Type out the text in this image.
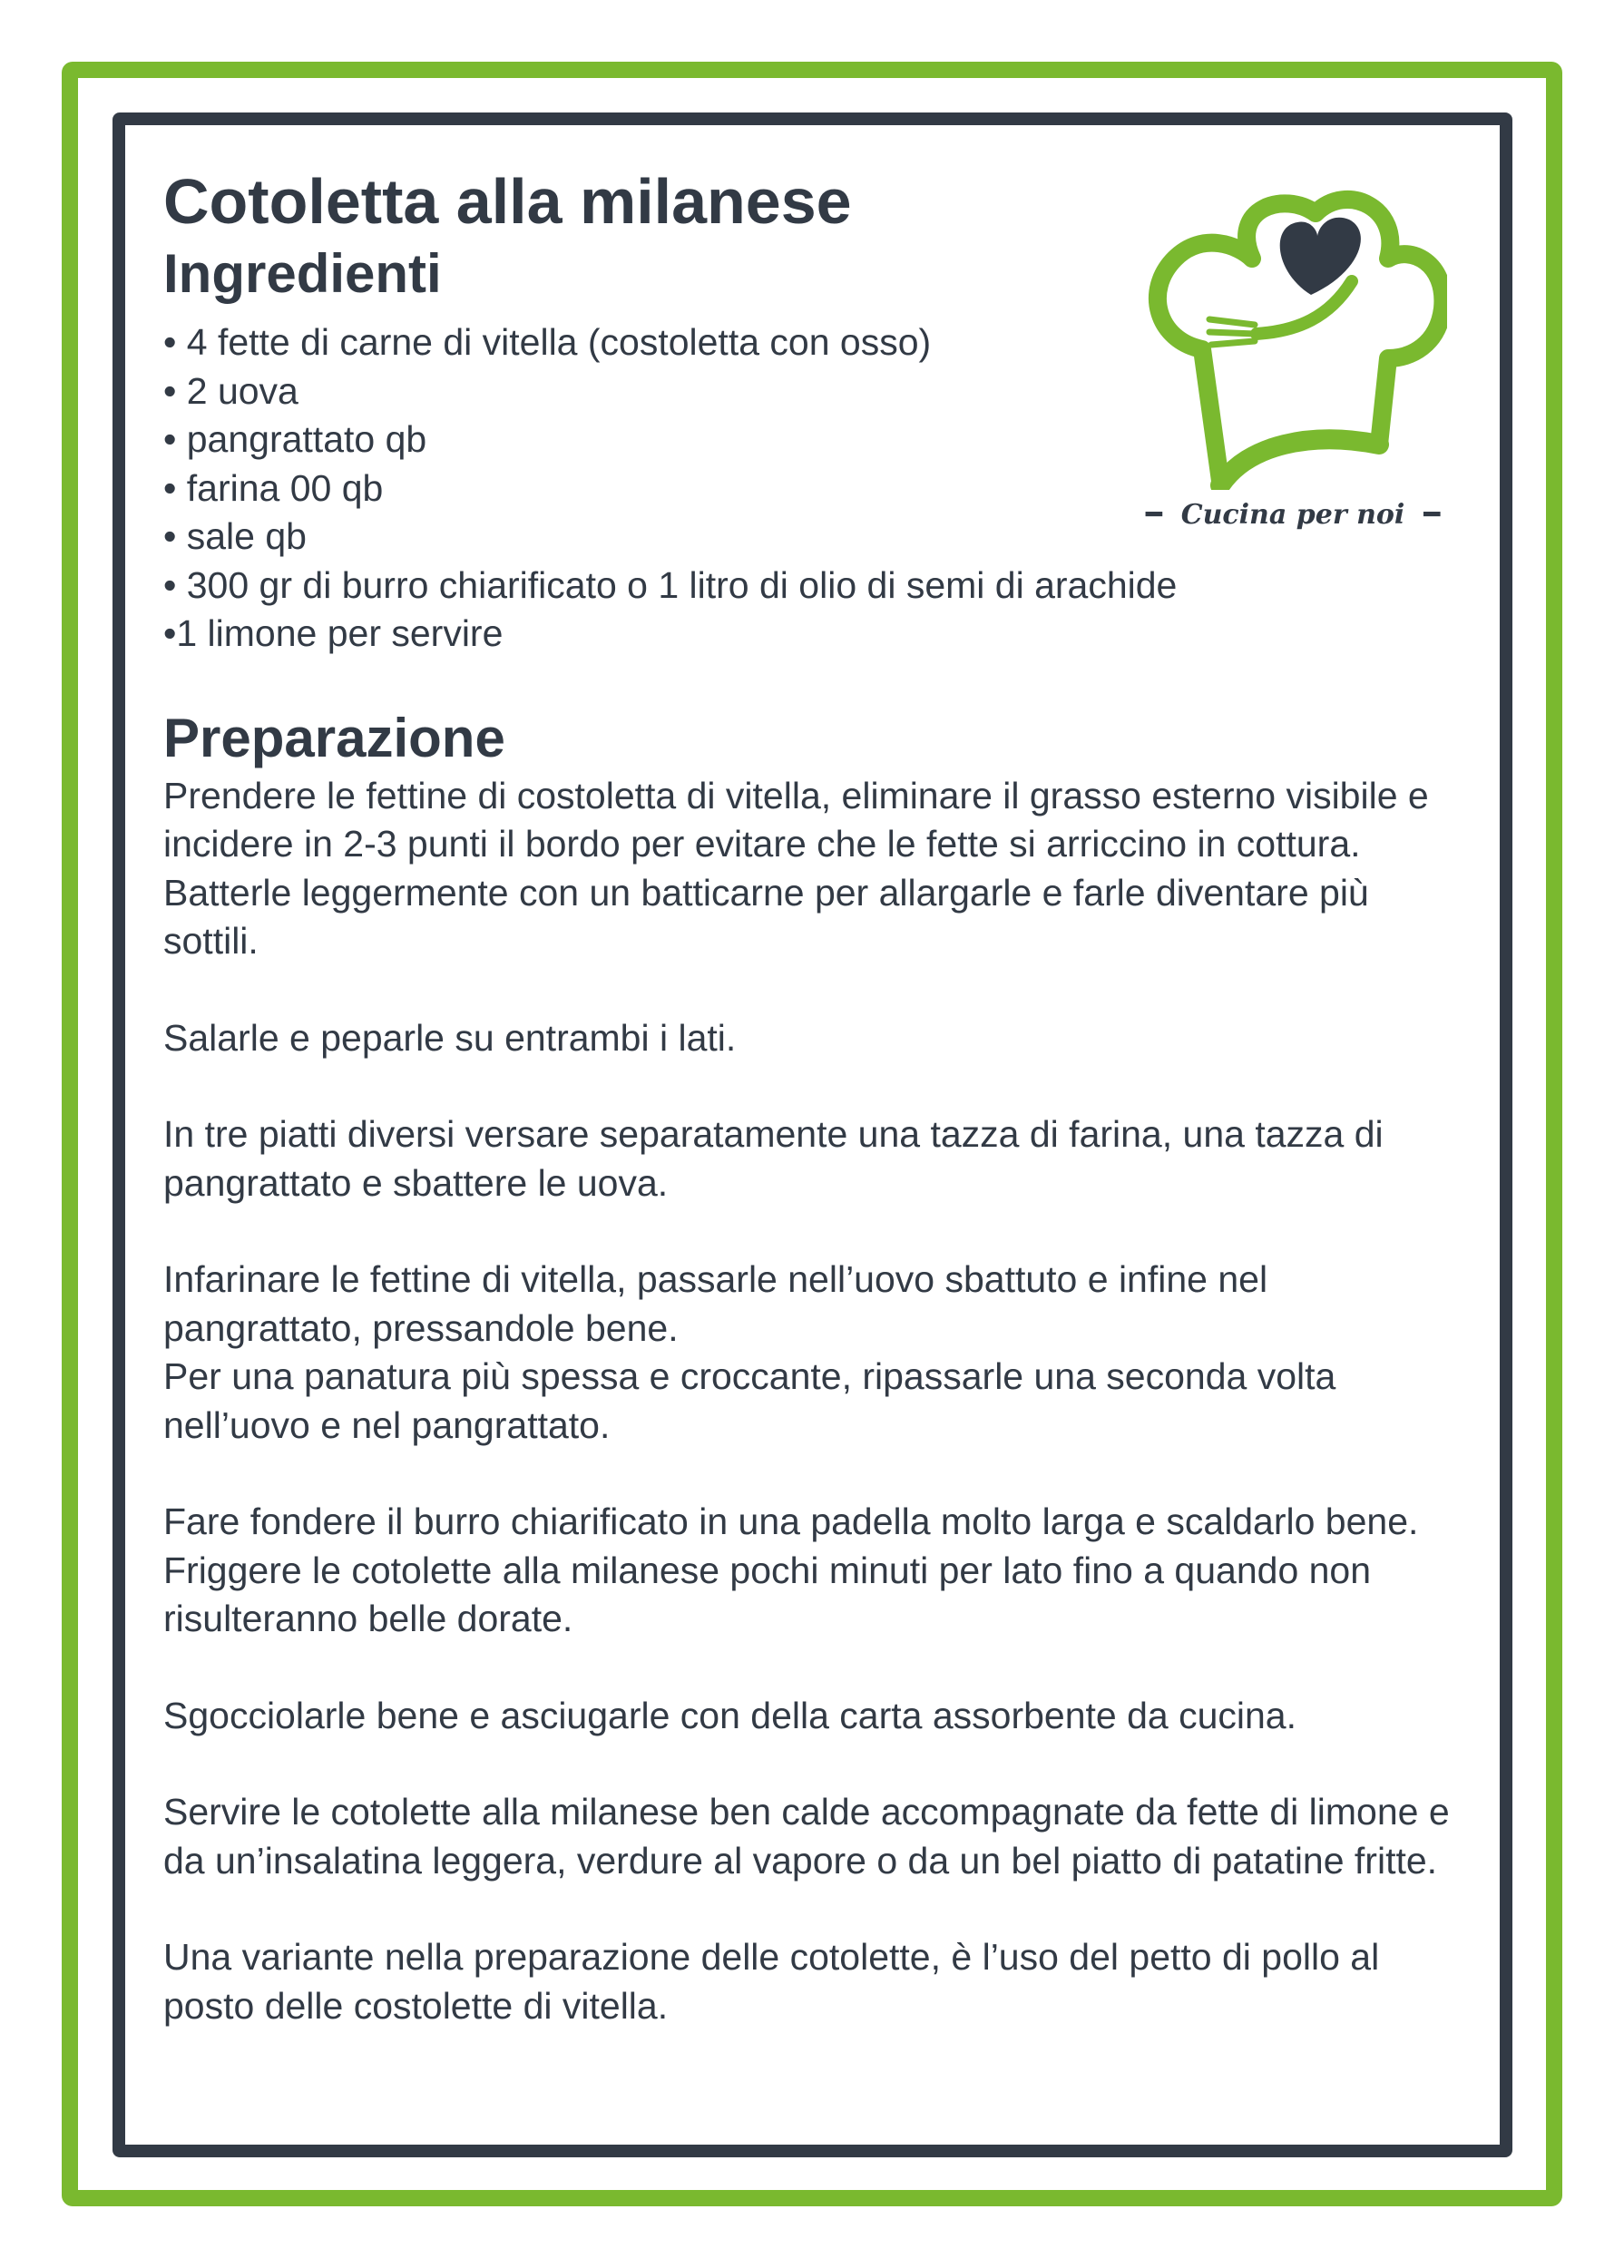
━  Cucina per noi  ━
Cotoletta alla milanese
Ingredienti
• 4 fette di carne di vitella (costoletta con osso)
• 2 uova
• pangrattato qb
• farina 00 qb
• sale qb
• 300 gr di burro chiarificato o 1 litro di olio di semi di arachide
•1 limone per servire
Preparazione

Prendere le fettine di costoletta di vitella, eliminare il grasso esterno visibile e incidere in 2-3 punti il bordo per evitare che le fette si arriccino in cottura. Batterle leggermente con un batticarne per allargarle e farle diventare più sottili.

Salarle e peparle su entrambi i lati.

In tre piatti diversi versare separatamente una tazza di farina, una tazza di pangrattato e sbattere le uova.

Infarinare le fettine di vitella, passarle nell’uovo sbattuto e infine nel pangrattato, pressandole bene.

Per una panatura più spessa e croccante, ripassarle una seconda volta nell’uovo e nel pangrattato.

Fare fondere il burro chiarificato in una padella molto larga e scaldarlo bene. Friggere le cotolette alla milanese pochi minuti per lato fino a quando non risulteranno belle dorate.

Sgocciolarle bene e asciugarle con della carta assorbente da cucina.

Servire le cotolette alla milanese ben calde accompagnate da fette di limone e da un’insalatina leggera, verdure al vapore o da un bel piatto di patatine fritte.

Una variante nella preparazione delle cotolette, è l’uso del petto di pollo al posto delle costolette di vitella.
